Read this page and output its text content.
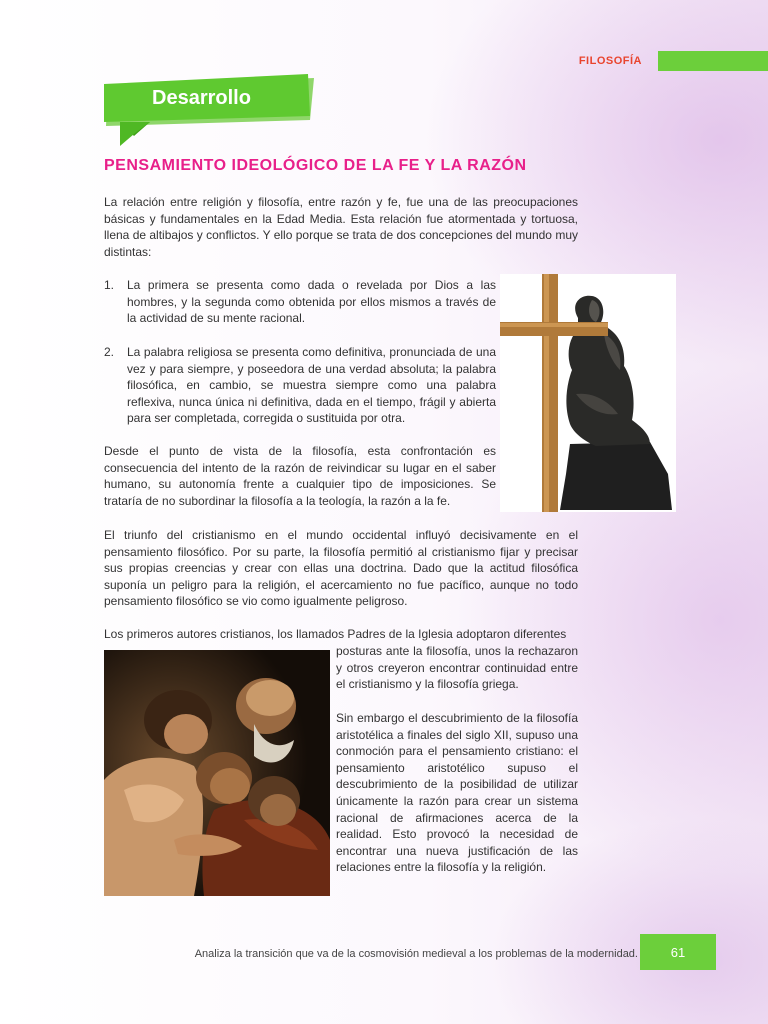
FILOSOFÍA
Desarrollo
PENSAMIENTO IDEOLÓGICO DE LA FE Y LA RAZÓN

La relación entre religión y filosofía, entre razón y fe, fue una de las preocupaciones básicas y fundamentales en la Edad Media. Esta relación fue atormentada y tortuosa, llena de altibajos y conflictos. Y ello porque se trata de dos concepciones del mundo muy distintas:

1.	La primera se presenta como dada o revelada por Dios a las hombres, y la segunda como obtenida por ellos mismos a través de la actividad de su mente racional.
2.	La palabra religiosa se presenta como definitiva, pronunciada de una vez y para siempre, y poseedora de una verdad absoluta; la palabra filosófica, en cambio, se muestra siempre como una palabra reflexiva, nunca única ni definitiva, dada en el tiempo, frágil y abierta para ser completada, corregida o sustituida por otra.

Desde el punto de vista de la filosofía, esta confrontación es consecuencia del intento de la razón de reivindicar su lugar en el saber humano, su autonomía frente a cualquier tipo de imposiciones. Se trataría de no subordinar la filosofía a la teología, la razón a la fe.

El triunfo del cristianismo en el mundo occidental influyó decisivamente en el pensamiento filosófico. Por su parte, la filosofía permitió al cristianismo fijar y precisar sus propias creencias y crear con ellas una doctrina. Dado que la actitud filosófica suponía un peligro para la religión, el acercamiento no fue pacífico, aunque no todo pensamiento filosófico se vio como igualmente peligroso.

Los primeros autores cristianos, los llamados Padres de la Iglesia adoptaron diferentes

posturas ante la filosofía, unos la rechazaron y otros creyeron encontrar continuidad entre el cristianismo y la filosofía griega.

Sin embargo el descubrimiento de la filosofía aristotélica a finales del siglo XII, supuso una conmoción para el pensamiento cristiano: el pensamiento aristotélico supuso el descubrimiento de la posibilidad de utilizar únicamente la razón para crear un sistema racional de afirmaciones acerca de la realidad. Esto provocó la necesidad de encontrar una nueva justificación de las relaciones entre la filosofía y la religión.

Analiza la transición que va de la cosmovisión medieval a los problemas de la modernidad.	61
